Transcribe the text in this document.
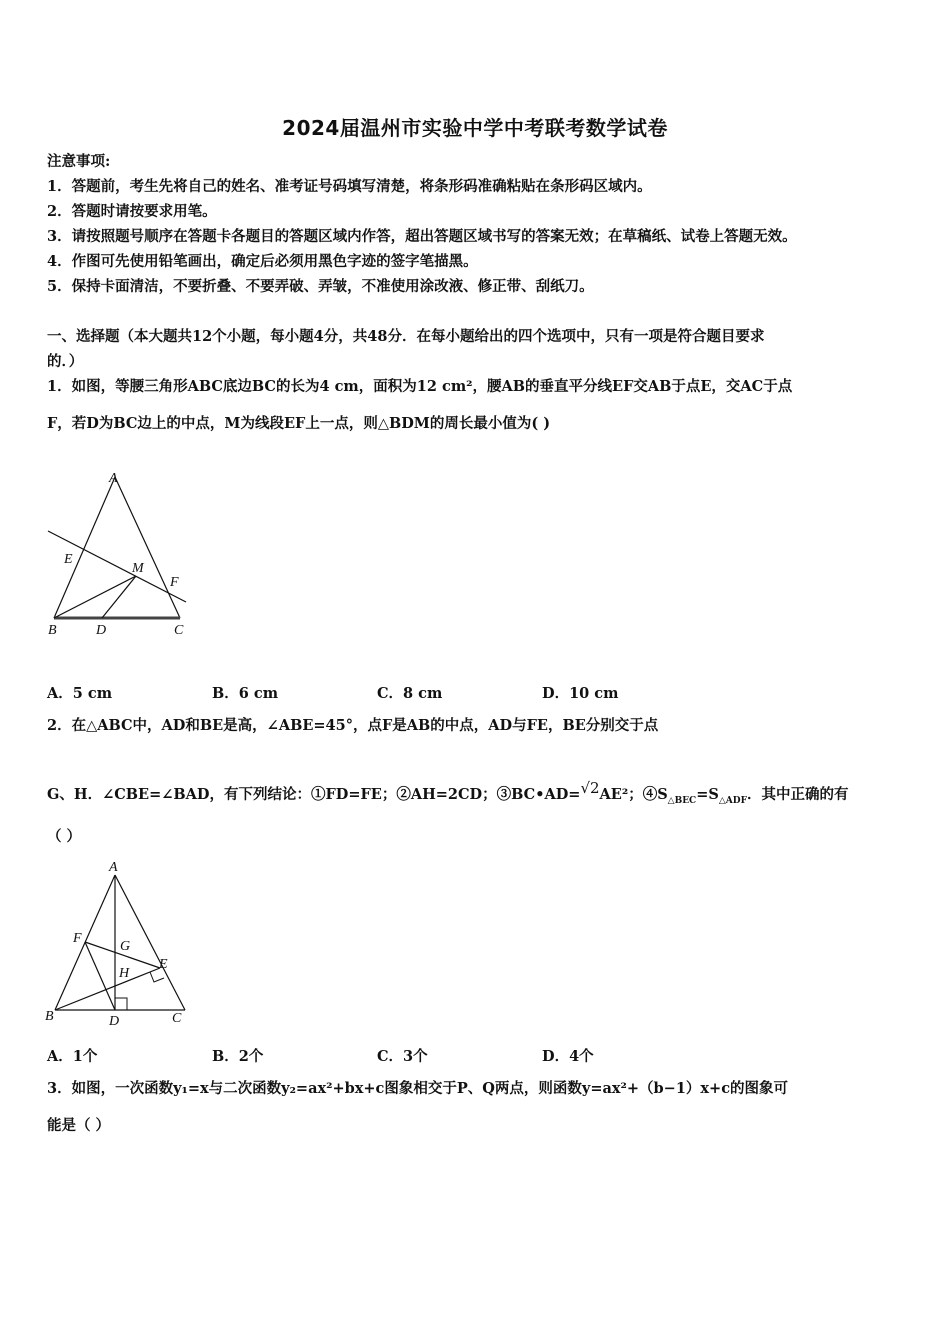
2024届温州市实验中学中考联考数学试卷
注意事项:
1．答题前，考生先将自己的姓名、准考证号码填写清楚，将条形码准确粘贴在条形码区域内。
2．答题时请按要求用笔。
3．请按照题号顺序在答题卡各题目的答题区域内作答，超出答题区域书写的答案无效；在草稿纸、试卷上答题无效。
4．作图可先使用铅笔画出，确定后必须用黑色字迹的签字笔描黑。
5．保持卡面清洁，不要折叠、不要弄破、弄皱，不准使用涂改液、修正带、刮纸刀。
一、选择题（本大题共12个小题，每小题4分，共48分．在每小题给出的四个选项中，只有一项是符合题目要求
的．）
1．如图，等腰三角形ABC底边BC的长为4 cm，面积为12 cm²，腰AB的垂直平分线EF交AB于点E，交AC于点
F，若D为BC边上的中点，M为线段EF上一点，则△BDM的周长最小值为( )
A
E
M
F
B	D	C
A．5 cm	B．6 cm	C．8 cm	D．10 cm
2．在△ABC中，AD和BE是高，∠ABE=45°，点F是AB的中点，AD与FE，BE分别交于点
G、H．∠CBE=∠BAD，有下列结论：①FD=FE；②AH=2CD；③BC•AD=√2AE²；$④S_{\triangle BEC}=S_{\triangle ADF}$．其中正确的有
（ ）
A
F
G
E
H
B	D	C
A．1个	B．2个	C．3个	D．4个
3．如图，一次函数y₁=x与二次函数y₂=ax²+bx+c图象相交于P、Q两点，则函数y=ax²+（b−1）x+c的图象可
能是（ ）
